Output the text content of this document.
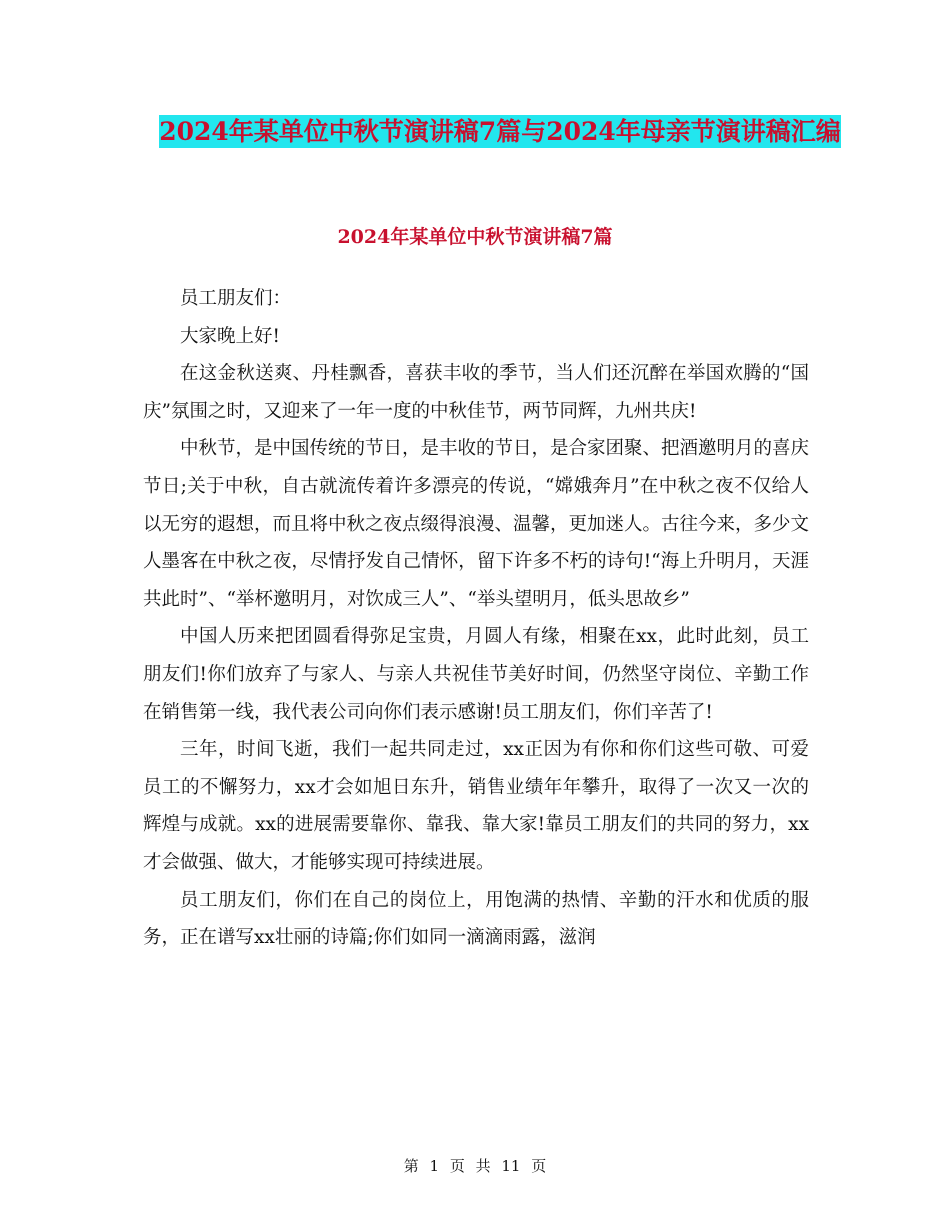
2024年某单位中秋节演讲稿7篇与2024年母亲节演讲稿汇编
2024年某单位中秋节演讲稿7篇

员工朋友们：

大家晚上好!

在这金秋送爽、丹桂飘香，喜获丰收的季节，当人们还沉醉在举国欢腾的“国庆”氛围之时，又迎来了一年一度的中秋佳节，两节同辉，九州共庆!

中秋节，是中国传统的节日，是丰收的节日，是合家团聚、把酒邀明月的喜庆节日;关于中秋，自古就流传着许多漂亮的传说，“嫦娥奔月”在中秋之夜不仅给人以无穷的遐想，而且将中秋之夜点缀得浪漫、温馨，更加迷人。古往今来，多少文人墨客在中秋之夜，尽情抒发自己情怀，留下许多不朽的诗句!“海上升明月，天涯共此时”、“举杯邀明月，对饮成三人”、“举头望明月，低头思故乡”

中国人历来把团圆看得弥足宝贵，月圆人有缘，相聚在xx，此时此刻，员工朋友们!你们放弃了与家人、与亲人共祝佳节美好时间，仍然坚守岗位、辛勤工作在销售第一线，我代表公司向你们表示感谢!员工朋友们，你们辛苦了!

三年，时间飞逝，我们一起共同走过，xx正因为有你和你们这些可敬、可爱员工的不懈努力，xx才会如旭日东升，销售业绩年年攀升，取得了一次又一次的辉煌与成就。xx的进展需要靠你、靠我、靠大家!靠员工朋友们的共同的努力，xx才会做强、做大，才能够实现可持续进展。

员工朋友们，你们在自己的岗位上，用饱满的热情、辛勤的汗水和优质的服务，正在谱写xx壮丽的诗篇;你们如同一滴滴雨露，滋润

第 1 页 共 11 页
